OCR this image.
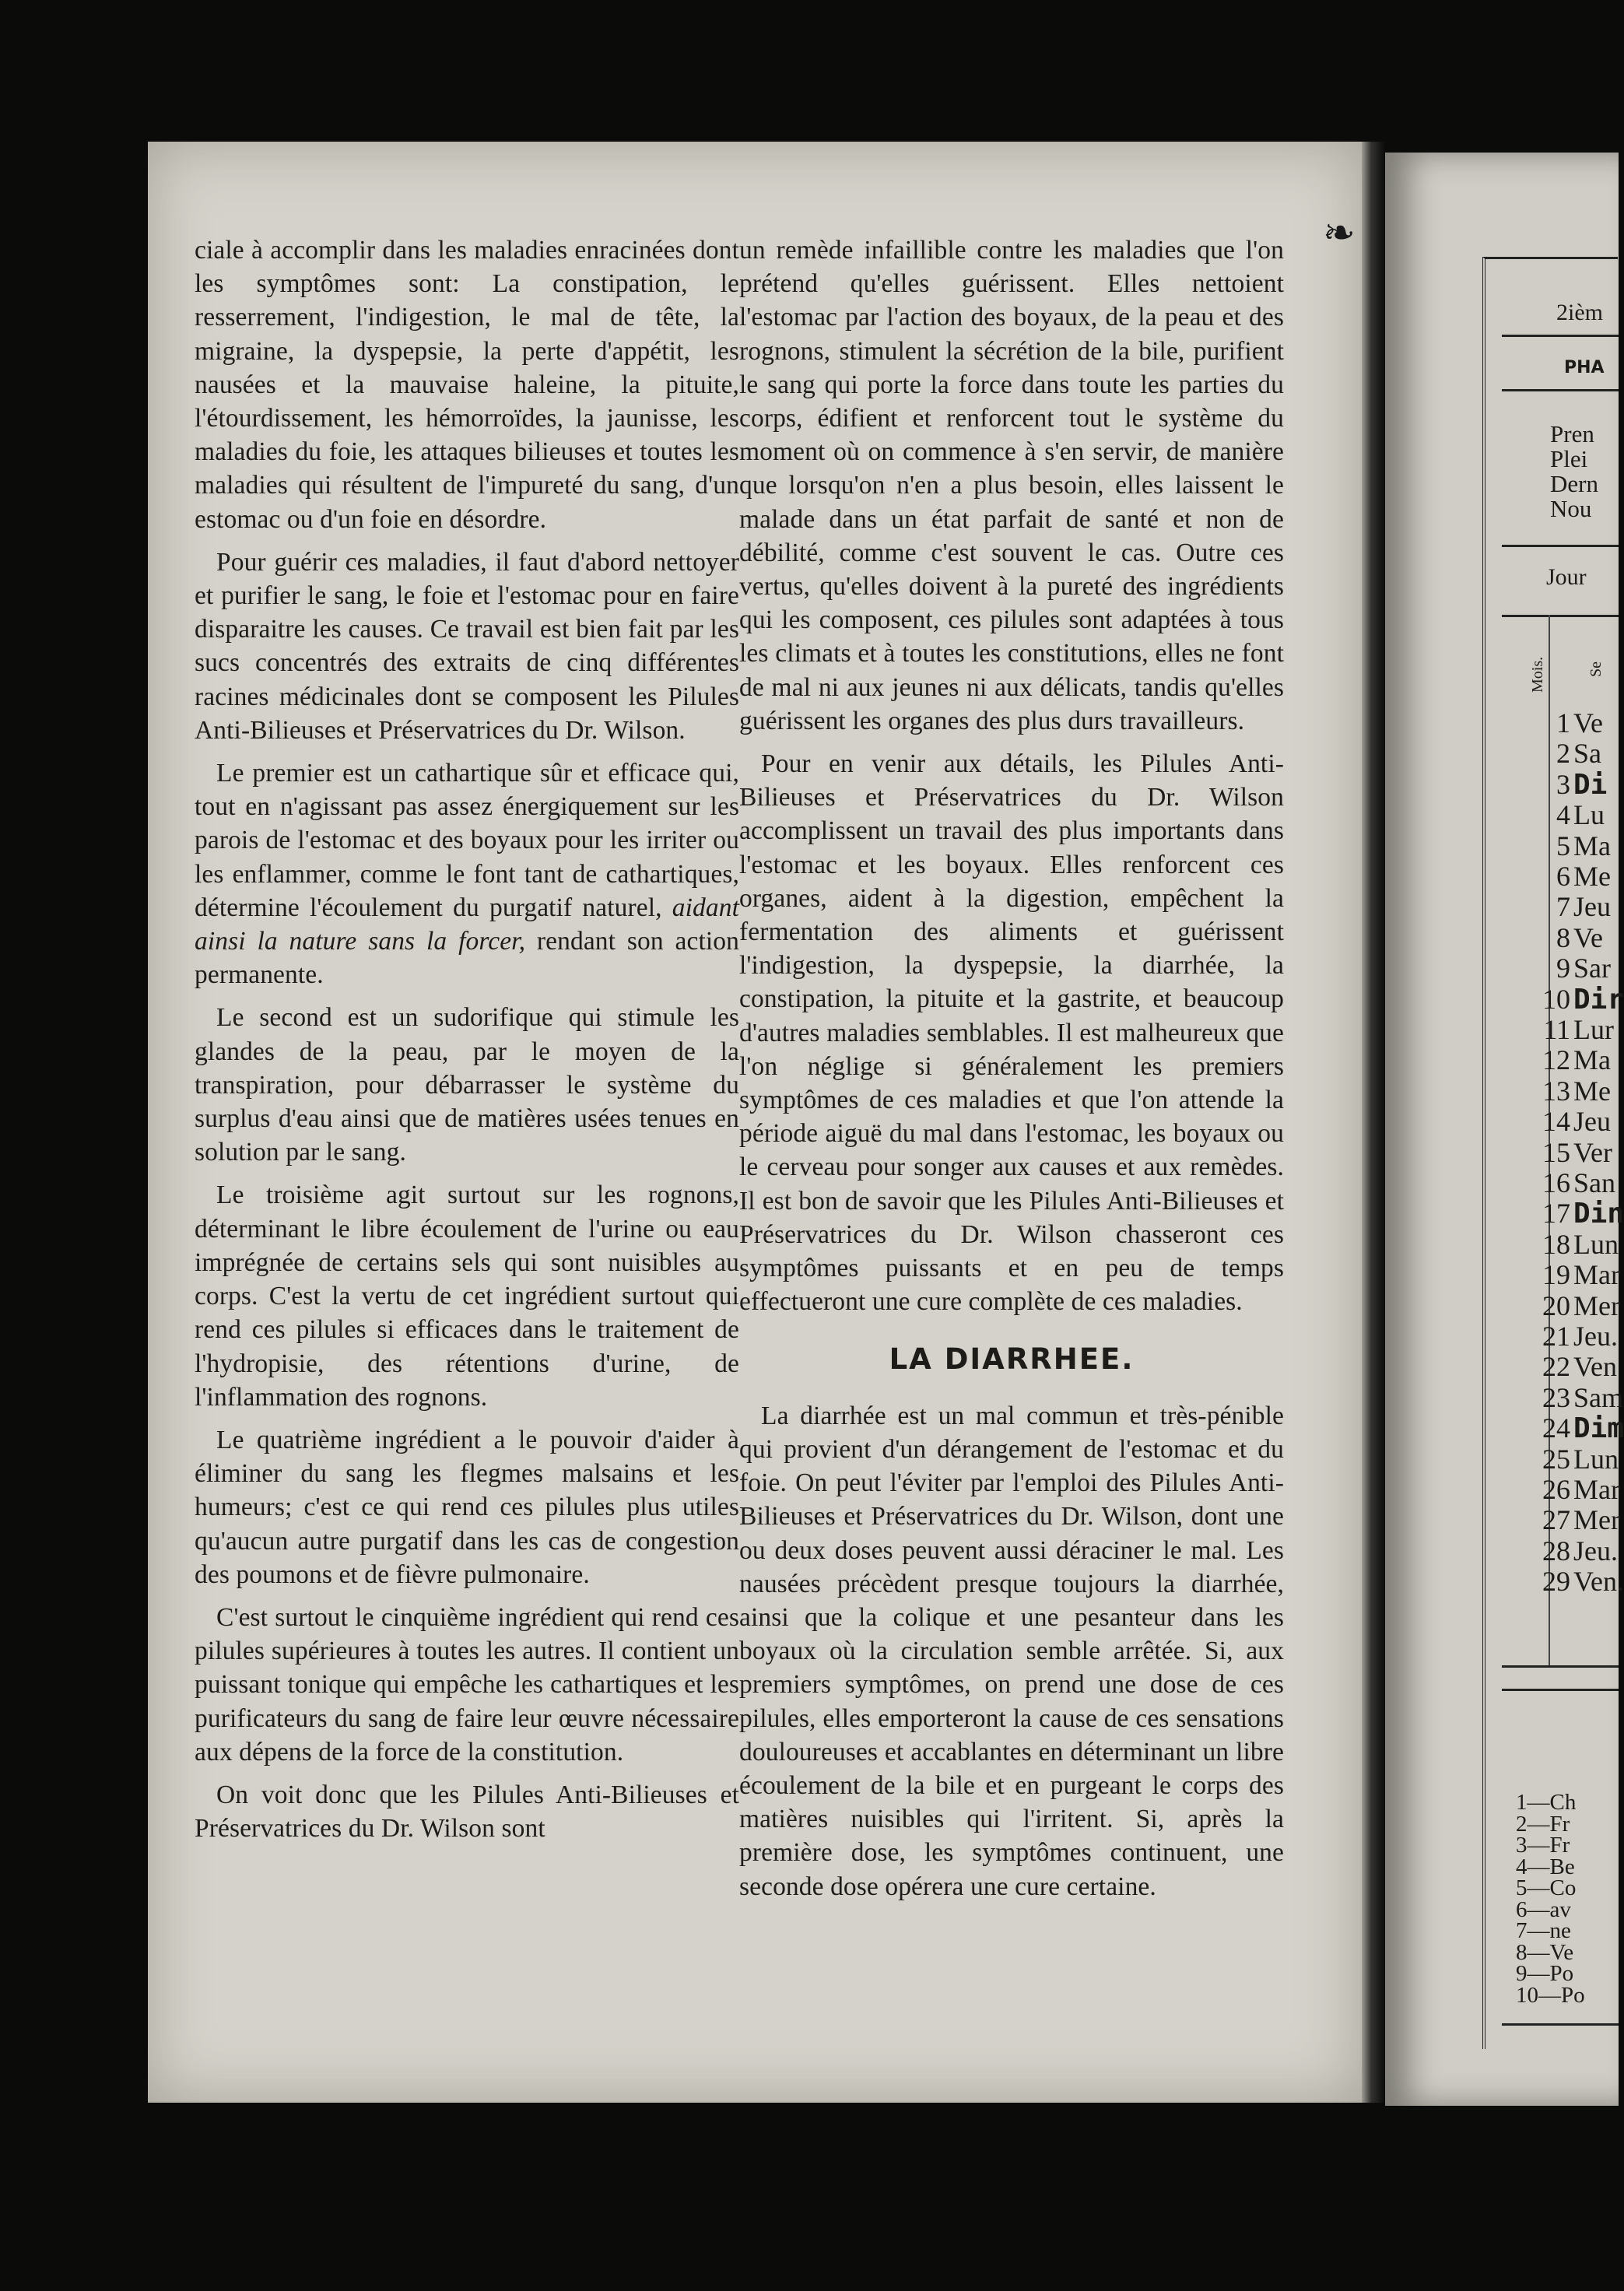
ciale à accomplir dans les maladies enracinées dont les symptômes sont: La constipation, le resserrement, l'indigestion, le mal de tête, la migraine, la dyspepsie, la perte d'appétit, les nausées et la mauvaise haleine, la pituite, l'étourdissement, les hémorroïdes, la jaunisse, les maladies du foie, les attaques bilieuses et toutes les maladies qui résultent de l'impureté du sang, d'un estomac ou d'un foie en désordre.

Pour guérir ces maladies, il faut d'abord nettoyer et purifier le sang, le foie et l'estomac pour en faire disparaitre les causes. Ce travail est bien fait par les sucs concentrés des extraits de cinq différentes racines médicinales dont se composent les Pilules Anti-Bilieuses et Préservatrices du Dr. Wilson.

Le premier est un cathartique sûr et efficace qui, tout en n'agissant pas assez énergiquement sur les parois de l'estomac et des boyaux pour les irriter ou les enflammer, comme le font tant de cathartiques, détermine l'écoulement du purgatif naturel, aidant ainsi la nature sans la forcer, rendant son action permanente.

Le second est un sudorifique qui stimule les glandes de la peau, par le moyen de la transpiration, pour débarrasser le système du surplus d'eau ainsi que de matières usées tenues en solution par le sang.

Le troisième agit surtout sur les rognons, déterminant le libre écoulement de l'urine ou eau imprégnée de certains sels qui sont nuisibles au corps. C'est la vertu de cet ingrédient surtout qui rend ces pilules si efficaces dans le traitement de l'hydropisie, des rétentions d'urine, de l'inflammation des rognons.

Le quatrième ingrédient a le pouvoir d'aider à éliminer du sang les flegmes malsains et les humeurs; c'est ce qui rend ces pilules plus utiles qu'aucun autre purgatif dans les cas de congestion des poumons et de fièvre pulmonaire.

C'est surtout le cinquième ingrédient qui rend ces pilules supérieures à toutes les autres. Il contient un puissant tonique qui empêche les cathartiques et les purificateurs du sang de faire leur œuvre nécessaire aux dépens de la force de la constitution.

On voit donc que les Pilules Anti-Bilieuses et Préservatrices du Dr. Wilson sont

un remède infaillible contre les maladies que l'on prétend qu'elles guérissent. Elles nettoient l'estomac par l'action des boyaux, de la peau et des rognons, stimulent la sécrétion de la bile, purifient le sang qui porte la force dans toute les parties du corps, édifient et renforcent tout le système du moment où on commence à s'en servir, de manière que lorsqu'on n'en a plus besoin, elles laissent le malade dans un état parfait de santé et non de débilité, comme c'est souvent le cas. Outre ces vertus, qu'elles doivent à la pureté des ingrédients qui les composent, ces pilules sont adaptées à tous les climats et à toutes les constitutions, elles ne font de mal ni aux jeunes ni aux délicats, tandis qu'elles guérissent les organes des plus durs travailleurs.

Pour en venir aux détails, les Pilules Anti-Bilieuses et Préservatrices du Dr. Wilson accomplissent un travail des plus importants dans l'estomac et les boyaux. Elles renforcent ces organes, aident à la digestion, empêchent la fermentation des aliments et guérissent l'indigestion, la dyspepsie, la diarrhée, la constipation, la pituite et la gastrite, et beaucoup d'autres maladies semblables. Il est malheureux que l'on néglige si généralement les premiers symptômes de ces maladies et que l'on attende la période aiguë du mal dans l'estomac, les boyaux ou le cerveau pour songer aux causes et aux remèdes. Il est bon de savoir que les Pilules Anti-Bilieuses et Préservatrices du Dr. Wilson chasseront ces symptômes puissants et en peu de temps effectueront une cure complète de ces maladies.

LA DIARRHEE.

La diarrhée est un mal commun et très-pénible qui provient d'un dérangement de l'estomac et du foie. On peut l'éviter par l'emploi des Pilules Anti-Bilieuses et Préservatrices du Dr. Wilson, dont une ou deux doses peuvent aussi déraciner le mal. Les nausées précèdent presque toujours la diarrhée, ainsi que la colique et une pesanteur dans les boyaux où la circulation semble arrêtée. Si, aux premiers symptômes, on prend une dose de ces pilules, elles emporteront la cause de ces sensations douloureuses et accablantes en déterminant un libre écoulement de la bile et en purgeant le corps des matières nuisibles qui l'irritent. Si, après la première dose, les symptômes continuent, une seconde dose opérera une cure certaine.

❧
2ièm
PHA
Pren
Plei
Dern
Nou
Jour
Mois.	Se
1 Ve
2 Sa
3 Di
4 Lu
5 Ma
6 Me
7 Jeu
8 Ve
9 Sar
10 Dir
11 Lur
12 Ma
13 Me
14 Jeu
15 Ver
16 San
17 Din
18 Lun
19 Mar
20 Mer
21 Jeu.
22 Ven
23 Sam
24 Dim
25 Lun
26 Mar
27 Mer
28 Jeu.
29 Ven.
1—Ch
2—Fr
3—Fr
4—Be
5—Co
6—av
7—ne
8—Ve
9—Po
10—Po
